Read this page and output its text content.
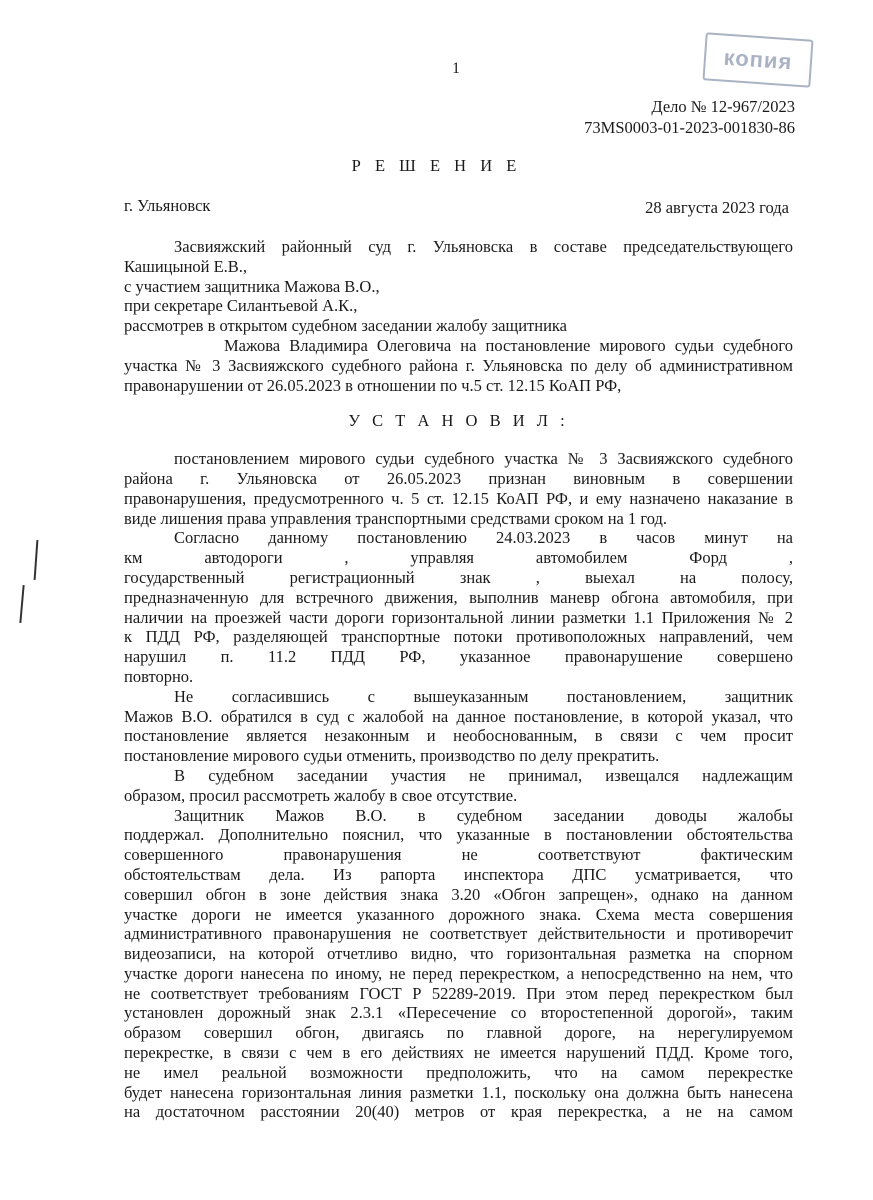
копия
1
Дело № 12-967/2023
73MS0003-01-2023-001830-86
Р Е Ш Е Н И Е
г. Ульяновск	28 августа 2023 года

Засвияжский районный суд г. Ульяновска в составе председательствующего

Кашицыной Е.В.,

с участием защитника Мажова В.О.,

при секретаре Силантьевой А.К.,

рассмотрев в открытом судебном заседании жалобу защитника

Мажова Владимира Олеговича на постановление мирового судьи судебного

участка № 3 Засвияжского судебного района г. Ульяновска по делу об административном

правонарушении от 26.05.2023 в отношении по ч.5 ст. 12.15 КоАП РФ,

У С Т А Н О В И Л :

постановлением мирового судьи судебного участка № 3 Засвияжского судебного

района г. Ульяновска от 26.05.2023 признан виновным в совершении

правонарушения, предусмотренного ч. 5 ст. 12.15 КоАП РФ, и ему назначено наказание в

виде лишения права управления транспортными средствами сроком на 1 год.

Согласно данному постановлению 24.03.2023 в часов минут на

км автодороги , управляя автомобилем Форд ,

государственный регистрационный знак , выехал на полосу,

предназначенную для встречного движения, выполнив маневр обгона автомобиля, при

наличии на проезжей части дороги горизонтальной линии разметки 1.1 Приложения № 2

к ПДД РФ, разделяющей транспортные потоки противоположных направлений, чем

нарушил п. 11.2 ПДД РФ, указанное правонарушение совершено

повторно.

Не согласившись с вышеуказанным постановлением, защитник

Мажов В.О. обратился в суд с жалобой на данное постановление, в которой указал, что

постановление является незаконным и необоснованным, в связи с чем просит

постановление мирового судьи отменить, производство по делу прекратить.

В судебном заседании участия не принимал, извещался надлежащим

образом, просил рассмотреть жалобу в свое отсутствие.

Защитник Мажов В.О. в судебном заседании доводы жалобы

поддержал. Дополнительно пояснил, что указанные в постановлении обстоятельства

совершенного правонарушения не соответствуют фактическим

обстоятельствам дела. Из рапорта инспектора ДПС усматривается, что

совершил обгон в зоне действия знака 3.20 «Обгон запрещен», однако на данном

участке дороги не имеется указанного дорожного знака. Схема места совершения

административного правонарушения не соответствует действительности и противоречит

видеозаписи, на которой отчетливо видно, что горизонтальная разметка на спорном

участке дороги нанесена по иному, не перед перекрестком, а непосредственно на нем, что

не соответствует требованиям ГОСТ Р 52289-2019. При этом перед перекрестком был

установлен дорожный знак 2.3.1 «Пересечение со второстепенной дорогой», таким

образом совершил обгон, двигаясь по главной дороге, на нерегулируемом

перекрестке, в связи с чем в его действиях не имеется нарушений ПДД. Кроме того,

не имел реальной возможности предположить, что на самом перекрестке

будет нанесена горизонтальная линия разметки 1.1, поскольку она должна быть нанесена

на достаточном расстоянии 20(40) метров от края перекрестка, а не на самом
